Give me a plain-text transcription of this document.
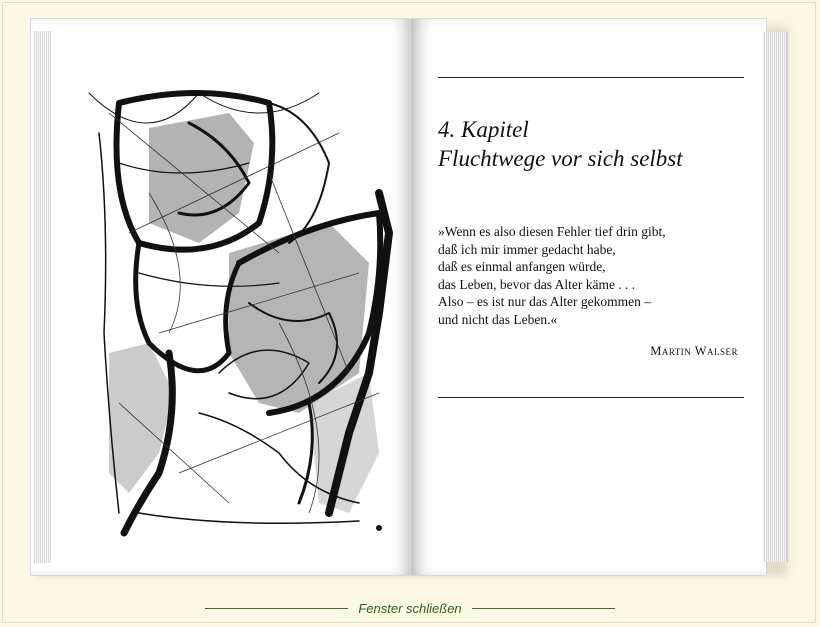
4. Kapitel
Fluchtwege vor sich selbst
»Wenn es also diesen Fehler tief drin gibt,
daß ich mir immer gedacht habe,
daß es einmal anfangen würde,
das Leben, bevor das Alter käme . . .
Also – es ist nur das Alter gekommen –
und nicht das Leben.«
Martin Walser
Fenster schließen
